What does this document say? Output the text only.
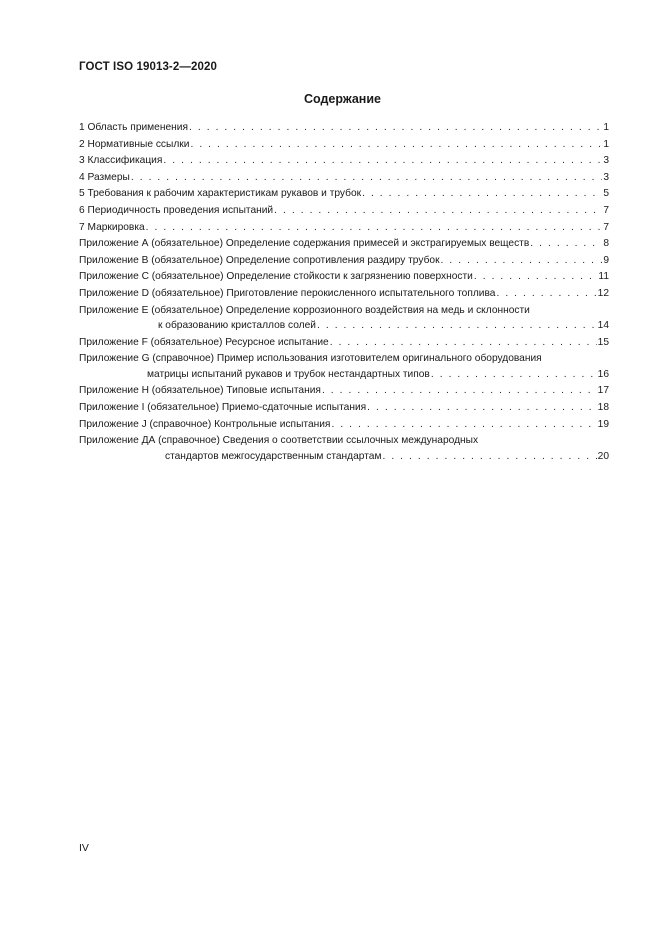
ГОСТ ISO 19013-2—2020
Содержание
1 Область применения . . .	1
2 Нормативные ссылки . . .	1
3 Классификация . . .	3
4 Размеры . . .	3
5 Требования к рабочим характеристикам рукавов и трубок . . .	5
6 Периодичность проведения испытаний . . .	7
7 Маркировка . . .	7
Приложение А (обязательное) Определение содержания примесей и экстрагируемых веществ . . .	8
Приложение В (обязательное) Определение сопротивления раздиру трубок . . .	9
Приложение С (обязательное) Определение стойкости к загрязнению поверхности . . .	11
Приложение D (обязательное) Приготовление перокисленного испытательного топлива . . .	12
Приложение E (обязательное) Определение коррозионного воздействия на медь и склонности
к образованию кристаллов солей . . .	14
Приложение F (обязательное) Ресурсное испытание . . .	15
Приложение G (справочное) Пример использования изготовителем оригинального оборудования
матрицы испытаний рукавов и трубок нестандартных типов . . .	16
Приложение H (обязательное) Типовые испытания . . .	17
Приложение I (обязательное) Приемо-сдаточные испытания . . .	18
Приложение J (справочное) Контрольные испытания . . .	19
Приложение ДА (справочное) Сведения о соответствии ссылочных международных
стандартов межгосударственным стандартам . . .	20
IV
